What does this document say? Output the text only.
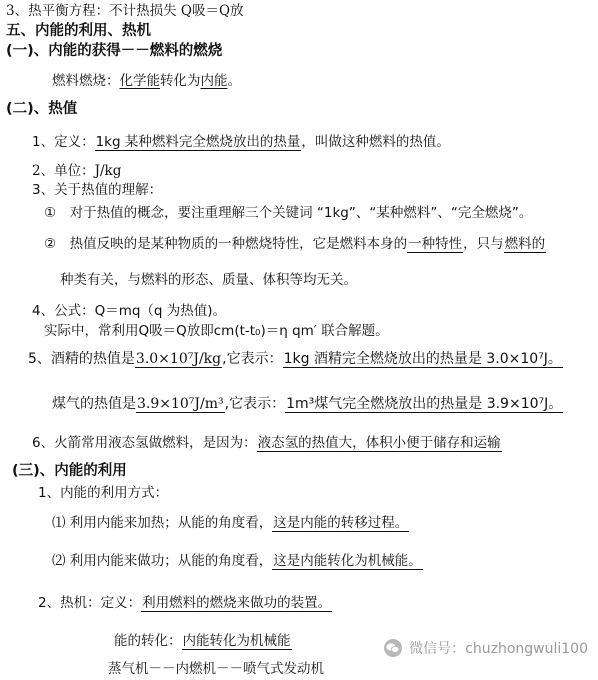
3、热平衡方程：不计热损失 Q吸＝Q放
五、内能的利用、热机
(一)、内能的获得－－燃料的燃烧
燃料燃烧：化学能转化为内能。
(二)、热值
1、定义：1kg 某种燃料完全燃烧放出的热量，叫做这种燃料的热值。
2、单位：J/kg
3、关于热值的理解：
①　对于热值的概念，要注重理解三个关键词 “1kg”、“某种燃料”、“完全燃烧”。
②　热值反映的是某种物质的一种燃烧特性，它是燃料本身的一种特性，只与燃料的
种类有关，与燃料的形态、质量、体积等均无关。
4、公式：Q＝mq（q 为热值)。
实际中，常利用Q吸＝Q放即cm(t-t₀)＝η qm′ 联合解题。
5、酒精的热值是3.0×10⁷J/kg,它表示：1kg 酒精完全燃烧放出的热量是 3.0×10⁷J。
煤气的热值是3.9×10⁷J/m³,它表示：1m³煤气完全燃烧放出的热量是 3.9×10⁷J。
6、火箭常用液态氢做燃料，是因为：液态氢的热值大，体积小便于储存和运输
(三)、内能的利用
1、内能的利用方式：
⑴ 利用内能来加热；从能的角度看，这是内能的转移过程。
⑵ 利用内能来做功；从能的角度看，这是内能转化为机械能。
2、热机：定义：利用燃料的燃烧来做功的装置。
能的转化：内能转化为机械能
蒸气机－－内燃机－－喷气式发动机
微信号：chuzhongwuli100
